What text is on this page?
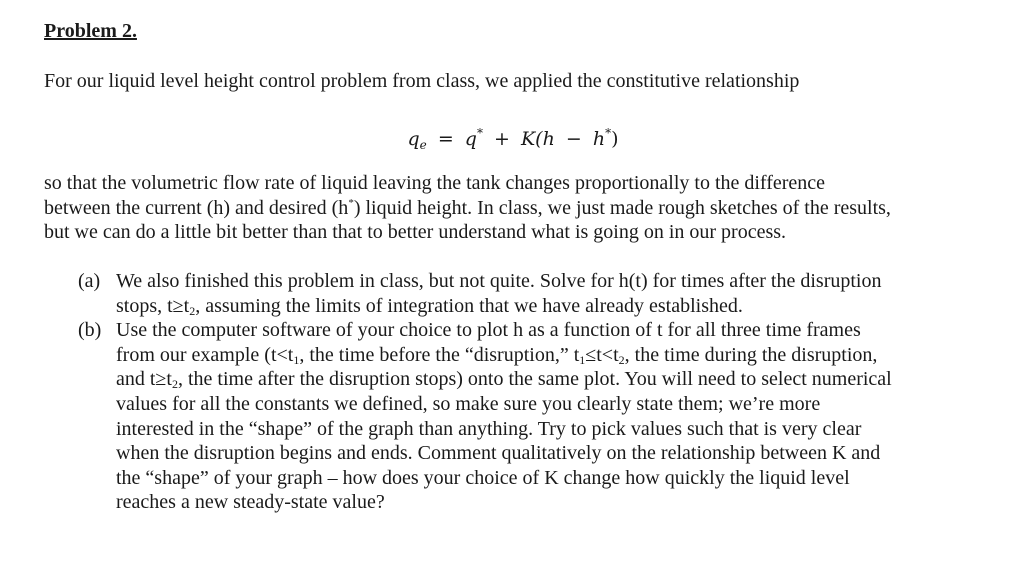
Problem 2.

For our liquid level height control problem from class, we applied the constitutive relationship

$q_e = q^* + K(h - h^*)$

so that the volumetric flow rate of liquid leaving the tank changes proportionally to the difference
between the current (h) and desired (h*) liquid height. In class, we just made rough sketches of the results,
but we can do a little bit better than that to better understand what is going on in our process.

(a) We also finished this problem in class, but not quite. Solve for h(t) for times after the disruption
stops, $t\ge t_2$, assuming the limits of integration that we have already established.
(b) Use the computer software of your choice to plot h as a function of t for all three time frames
from our example ($t<t_1$, the time before the “disruption,” $t_1\le t<t_2$, the time during the disruption,
and $t\ge t_2$, the time after the disruption stops) onto the same plot. You will need to select numerical
values for all the constants we defined, so make sure you clearly state them; we’re more
interested in the “shape” of the graph than anything. Try to pick values such that is very clear
when the disruption begins and ends. Comment qualitatively on the relationship between K and
the “shape” of your graph – how does your choice of K change how quickly the liquid level
reaches a new steady-state value?
